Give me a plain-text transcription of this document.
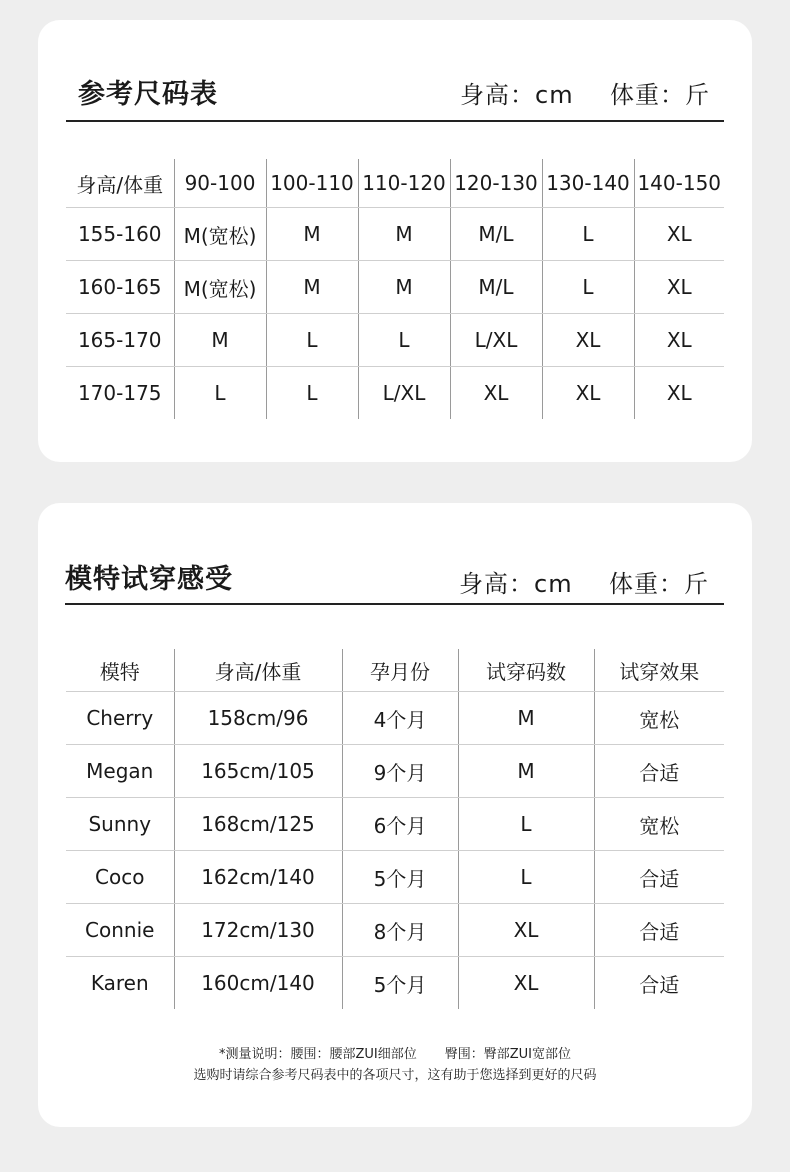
参考尺码表	身高：cm 体重：斤
身高/体重	90-100	100-110	110-120	120-130	130-140	140-150
155-160	M(宽松)	M	M	M/L	L	XL
160-165	M(宽松)	M	M	M/L	L	XL
165-170	M	L	L	L/XL	XL	XL
170-175	L	L	L/XL	XL	XL	XL
模特试穿感受	身高：cm 体重：斤
模特	身高/体重	孕月份	试穿码数	试穿效果
Cherry	158cm/96	4个月	M	宽松
Megan	165cm/105	9个月	M	合适
Sunny	168cm/125	6个月	L	宽松
Coco	162cm/140	5个月	L	合适
Connie	172cm/130	8个月	XL	合适
Karen	160cm/140	5个月	XL	合适
*测量说明：腰围：腰部ZUI细部位 臀围：臀部ZUI宽部位
选购时请综合参考尺码表中的各项尺寸，这有助于您选择到更好的尺码
